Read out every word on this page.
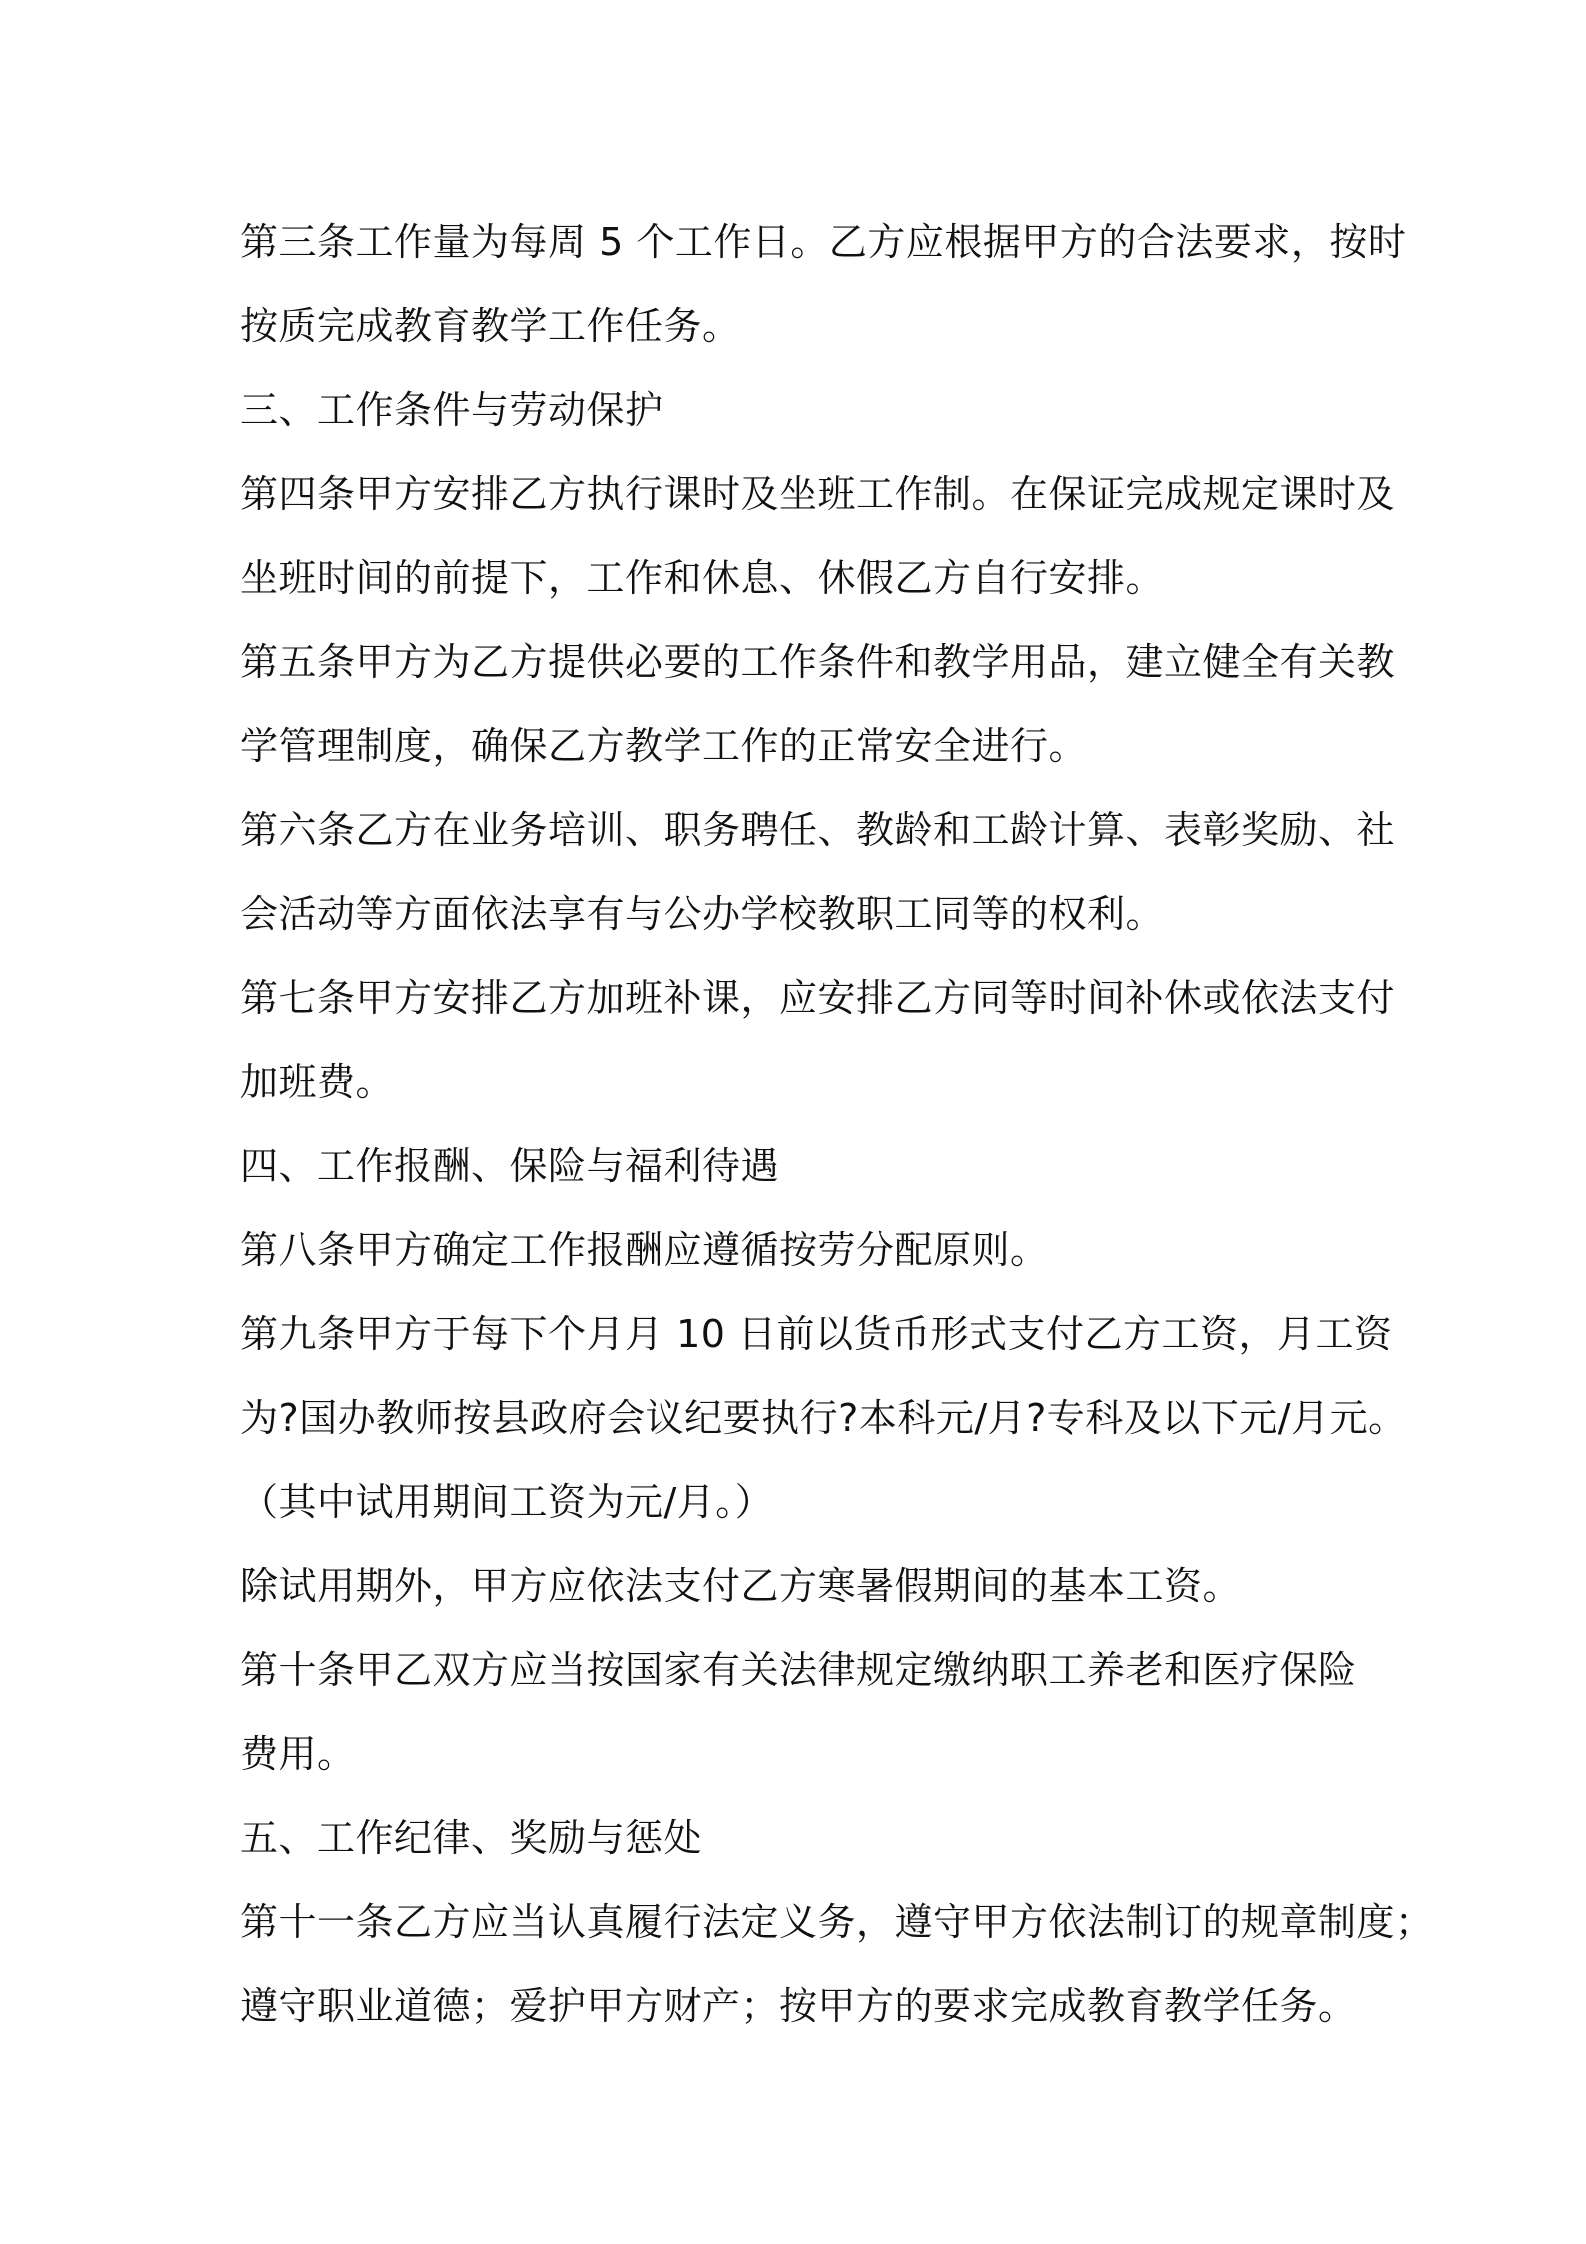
第三条工作量为每周 5 个工作日。乙方应根据甲方的合法要求，按时
按质完成教育教学工作任务。
三、工作条件与劳动保护
第四条甲方安排乙方执行课时及坐班工作制。在保证完成规定课时及
坐班时间的前提下，工作和休息、休假乙方自行安排。
第五条甲方为乙方提供必要的工作条件和教学用品，建立健全有关教
学管理制度，确保乙方教学工作的正常安全进行。
第六条乙方在业务培训、职务聘任、教龄和工龄计算、表彰奖励、社
会活动等方面依法享有与公办学校教职工同等的权利。
第七条甲方安排乙方加班补课，应安排乙方同等时间补休或依法支付
加班费。
四、工作报酬、保险与福利待遇
第八条甲方确定工作报酬应遵循按劳分配原则。
第九条甲方于每下个月月 10 日前以货币形式支付乙方工资，月工资
为?国办教师按县政府会议纪要执行?本科元/月?专科及以下元/月元。
（其中试用期间工资为元/月。）
除试用期外，甲方应依法支付乙方寒暑假期间的基本工资。
第十条甲乙双方应当按国家有关法律规定缴纳职工养老和医疗保险
费用。
五、工作纪律、奖励与惩处
第十一条乙方应当认真履行法定义务，遵守甲方依法制订的规章制度；
遵守职业道德；爱护甲方财产；按甲方的要求完成教育教学任务。
